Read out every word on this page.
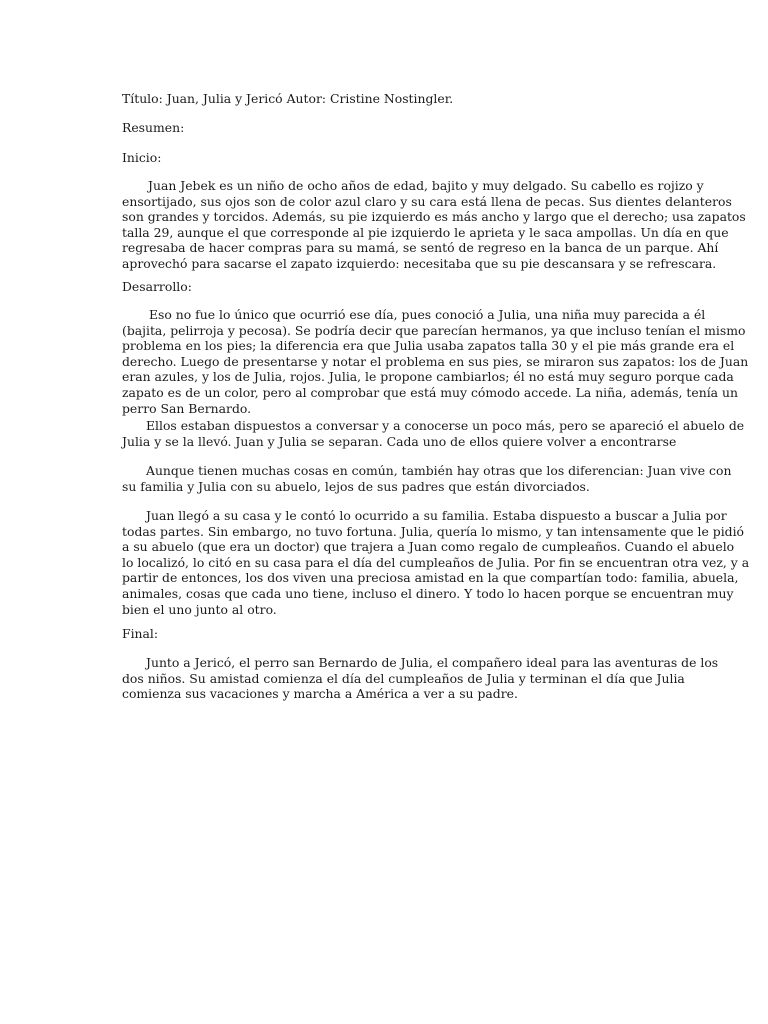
Título: Juan, Julia y Jericó Autor: Cristine Nostingler.

Resumen:

Inicio:

Juan Jebek es un niño de ocho años de edad, bajito y muy delgado. Su cabello es rojizo y
ensortijado, sus ojos son de color azul claro y su cara está llena de pecas. Sus dientes delanteros
son grandes y torcidos. Además, su pie izquierdo es más ancho y largo que el derecho; usa zapatos
talla 29, aunque el que corresponde al pie izquierdo le aprieta y le saca ampollas. Un día en que
regresaba de hacer compras para su mamá, se sentó de regreso en la banca de un parque. Ahí
aprovechó para sacarse el zapato izquierdo: necesitaba que su pie descansara y se refrescara.

Desarrollo:

Eso no fue lo único que ocurrió ese día, pues conoció a Julia, una niña muy parecida a él
(bajita, pelirroja y pecosa). Se podría decir que parecían hermanos, ya que incluso tenían el mismo
problema en los pies; la diferencia era que Julia usaba zapatos talla 30 y el pie más grande era el
derecho. Luego de presentarse y notar el problema en sus pies, se miraron sus zapatos: los de Juan
eran azules, y los de Julia, rojos. Julia, le propone cambiarlos; él no está muy seguro porque cada
zapato es de un color, pero al comprobar que está muy cómodo accede. La niña, además, tenía un
perro San Bernardo.
Ellos estaban dispuestos a conversar y a conocerse un poco más, pero se apareció el abuelo de
Julia y se la llevó. Juan y Julia se separan. Cada uno de ellos quiere volver a encontrarse
Aunque tienen muchas cosas en común, también hay otras que los diferencian: Juan vive con
su familia y Julia con su abuelo, lejos de sus padres que están divorciados.
Juan llegó a su casa y le contó lo ocurrido a su familia. Estaba dispuesto a buscar a Julia por
todas partes. Sin embargo, no tuvo fortuna. Julia, quería lo mismo, y tan intensamente que le pidió
a su abuelo (que era un doctor) que trajera a Juan como regalo de cumpleaños. Cuando el abuelo
lo localizó, lo citó en su casa para el día del cumpleaños de Julia. Por fin se encuentran otra vez, y a
partir de entonces, los dos viven una preciosa amistad en la que compartían todo: familia, abuela,
animales, cosas que cada uno tiene, incluso el dinero. Y todo lo hacen porque se encuentran muy
bien el uno junto al otro.

Final:

Junto a Jericó, el perro san Bernardo de Julia, el compañero ideal para las aventuras de los
dos niños. Su amistad comienza el día del cumpleaños de Julia y terminan el día que Julia
comienza sus vacaciones y marcha a América a ver a su padre.
